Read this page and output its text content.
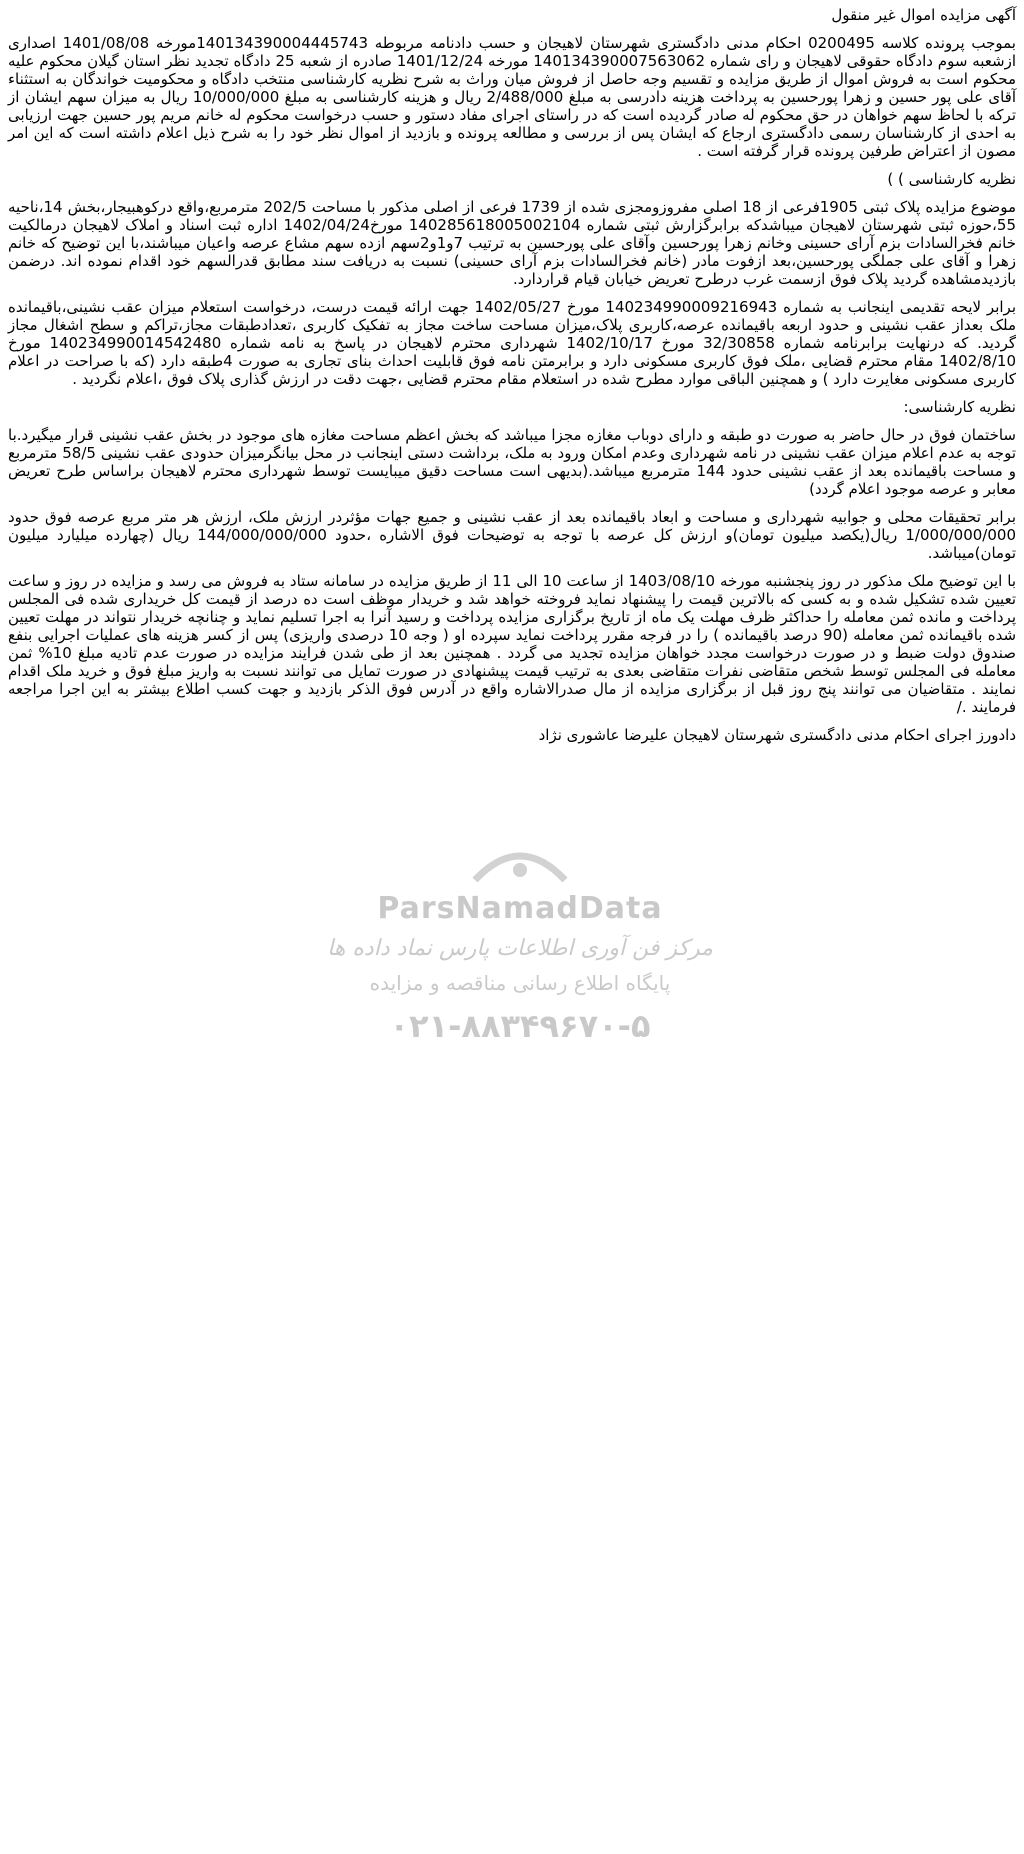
آگهی مزایده اموال غیر منقول

بموجب پرونده کلاسه 0200495 احکام مدنی دادگستری شهرستان لاهیجان و حسب دادنامه مربوطه 140134390004445743مورخه 1401/08/08 اصداری ازشعبه سوم دادگاه حقوقی لاهیجان و رای شماره 140134390007563062 مورخه 1401/12/24 صادره از شعبه 25 دادگاه تجدید نظر استان گیلان محکوم علیه محکوم است به فروش اموال از طریق مزایده و تقسیم وجه حاصل از فروش میان وراث به شرح نظریه کارشناسی منتخب دادگاه و محکومیت خواندگان به استثناء آقای علی پور حسین و زهرا پورحسین به پرداخت هزینه دادرسی به مبلغ 2/488/000 ریال و هزینه کارشناسی به مبلغ 10/000/000 ریال به میزان سهم ایشان از ترکه با لحاظ سهم خواهان در حق محکوم له صادر گردیده است که در راستای اجرای مفاد دستور و حسب درخواست محکوم له خانم مریم پور حسین جهت ارزیابی به احدی از کارشناسان رسمی دادگستری ارجاع که ایشان پس از بررسی و مطالعه پرونده و بازدید از اموال نظر خود را به شرح ذیل اعلام داشته است که این امر مصون از اعتراض طرفین پرونده قرار گرفته است .

نظریه کارشناسی ) )

موضوع مزایده پلاک ثبتی 1905فرعی از 18 اصلی مفروزومجزی شده از 1739 فرعی از اصلی مذکور با مساحت 202/5 مترمربع،واقع درکوهبیجار،بخش 14،ناحیه 55،حوزه ثبتی شهرستان لاهیجان میباشدکه برابرگزارش ثبتی شماره 140285618005002104 مورخ1402/04/24 اداره ثبت اسناد و املاک لاهیجان درمالکیت خانم فخرالسادات بزم آرای حسینی وخانم زهرا پورحسین وآقای علی پورحسین به ترتیب 7و1و2سهم ازده سهم مشاع عرصه واعیان میباشند،با این توضیح که خانم زهرا و آقای علی جملگی پورحسین،بعد ازفوت مادر (خانم فخرالسادات بزم آرای حسینی) نسبت به دریافت سند مطابق قدرالسهم خود اقدام نموده اند. درضمن بازدیدمشاهده گردید پلاک فوق ازسمت غرب درطرح تعریض خیابان قیام قراردارد.

برابر لایحه تقدیمی اینجانب به شماره 140234990009216943 مورخ 1402/05/27 جهت ارائه قیمت درست، درخواست استعلام میزان عقب نشینی،باقیمانده ملک بعداز عقب نشینی و حدود اربعه باقیمانده عرصه،کاربری پلاک،میزان مساحت ساخت مجاز به تفکیک کاربری ،تعدادطبقات مجاز،تراکم و سطح اشغال مجاز گردید. که درنهایت برابرنامه شماره 32/30858 مورخ 1402/10/17 شهرداری محترم لاهیجان در پاسخ به نامه شماره 140234990014542480 مورخ 1402/8/10 مقام محترم قضایی ،ملک فوق کاربری مسکونی دارد و برابرمتن نامه فوق قابلیت احداث بنای تجاری به صورت 4طبقه دارد (که با صراحت در اعلام کاربری مسکونی مغایرت دارد ) و همچنین الباقی موارد مطرح شده در استعلام مقام محترم قضایی ،جهت دقت در ارزش گذاری پلاک فوق ،اعلام نگردید .

نظریه کارشناسی:

ساختمان فوق در حال حاضر به صورت دو طبقه و دارای دوباب مغازه مجزا میباشد که بخش اعظم مساحت مغازه های موجود در بخش عقب نشینی قرار میگیرد.با توجه به عدم اعلام میزان عقب نشینی در نامه شهرداری وعدم امکان ورود به ملک، برداشت دستی اینجانب در محل بیانگرمیزان حدودی عقب نشینی 58/5 مترمربع و مساحت باقیمانده بعد از عقب نشینی حدود 144 مترمربع میباشد.(بدیهی است مساحت دقیق میبایست توسط شهرداری محترم لاهیجان براساس طرح تعریض معابر و عرصه موجود اعلام گردد)

برابر تحقیقات محلی و جوابیه شهرداری و مساحت و ابعاد باقیمانده بعد از عقب نشینی و جمیع جهات مؤثردر ارزش ملک، ارزش هر متر مربع عرصه فوق حدود 1/000/000/000 ریال(یکصد میلیون تومان)و ارزش کل عرصه با توجه به توضیحات فوق الاشاره ،حدود 144/000/000/000 ریال (چهارده میلیارد میلیون تومان)میباشد.

با این توضیح ملک مذکور در روز پنجشنبه مورخه 1403/08/10 از ساعت 10 الی 11 از طریق مزایده در سامانه ستاد به فروش می رسد و مزایده در روز و ساعت تعیین شده تشکیل شده و به کسی که بالاترین قیمت را پیشنهاد نماید فروخته خواهد شد و خریدار موظف است ده درصد از قیمت کل خریداری شده فی المجلس پرداخت و مانده ثمن معامله را حداکثر ظرف مهلت یک ماه از تاریخ برگزاری مزایده پرداخت و رسید آنرا به اجرا تسلیم نماید و چنانچه خریدار نتواند در مهلت تعیین شده باقیمانده ثمن معامله (90 درصد باقیمانده ) را در فرجه مقرر پرداخت نماید سپرده او ( وجه 10 درصدی واریزی) پس از کسر هزینه های عملیات اجرایی بنفع صندوق دولت ضبط و در صورت درخواست مجدد خواهان مزایده تجدید می گردد . همچنین بعد از طی شدن فرایند مزایده در صورت عدم تادیه مبلغ 10% ثمن معامله فی المجلس توسط شخص متقاضی نفرات متقاضی بعدی به ترتیب قیمت پیشنهادی در صورت تمایل می توانند نسبت به واریز مبلغ فوق و خرید ملک اقدام نمایند . متقاضیان می توانند پنج روز قبل از برگزاری مزایده از مال صدرالاشاره واقع در آدرس فوق الذکر بازدید و جهت کسب اطلاع بیشتر به این اجرا مراجعه فرمایند ./

دادورز اجرای احکام مدنی دادگستری شهرستان لاهیجان علیرضا عاشوری نژاد

ParsNamadData
مرکز فن آوری اطلاعات پارس نماد داده ها
پایگاه اطلاع رسانی مناقصه و مزایده
۰۲۱-۸۸۳۴۹۶۷۰-۵
